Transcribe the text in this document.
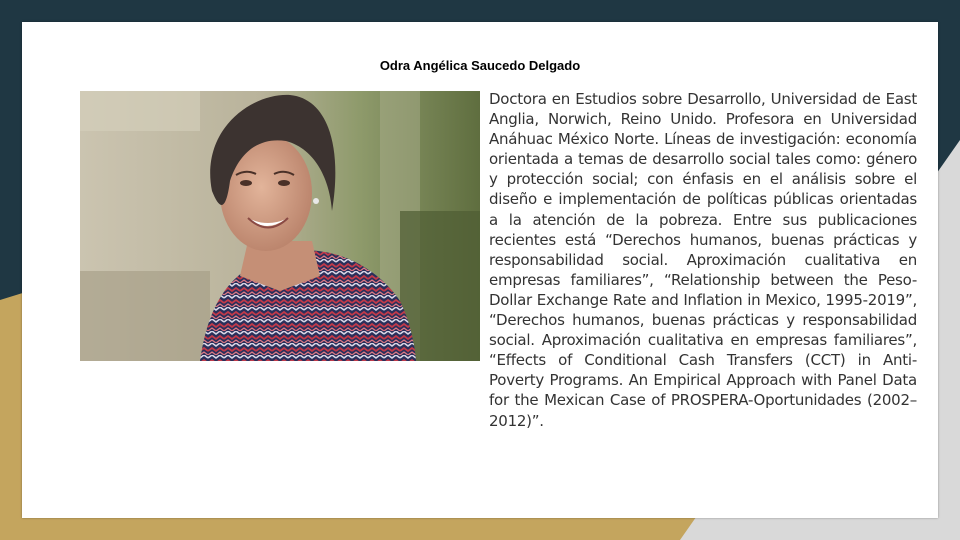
Odra Angélica Saucedo Delgado

Doctora en Estudios sobre Desarrollo, Universidad de East Anglia, Norwich, Reino Unido. Profesora en Universidad Anáhuac México Norte. Líneas de investigación: economía orientada a temas de desarrollo social tales como: género y protección social; con énfasis en el análisis sobre el diseño e implementación de políticas públicas orientadas a la atención de la pobreza. Entre sus publicaciones recientes está “Derechos humanos, buenas prácticas y responsabilidad social. Aproximación cualitativa en empresas familiares”, “Relationship between the Peso-Dollar Exchange Rate and Inflation in Mexico, 1995-2019”, “Derechos humanos, buenas prácticas y responsabilidad social. Aproximación cualitativa en empresas familiares”, “Effects of Conditional Cash Transfers (CCT) in Anti-Poverty Programs. An Empirical Approach with Panel Data for the Mexican Case of PROSPERA-Oportunidades (2002–2012)”.
